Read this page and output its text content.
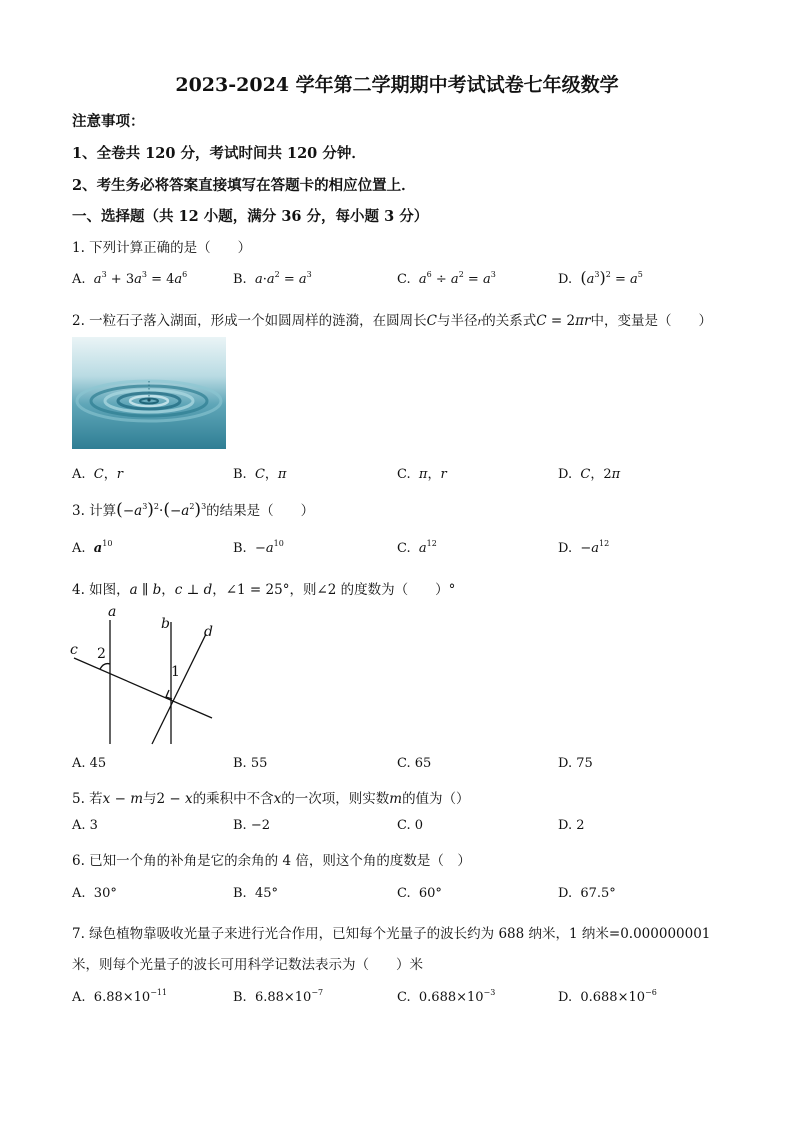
2023-2024 学年第二学期期中考试试卷七年级数学
注意事项：
1、全卷共 120 分，考试时间共 120 分钟．
2、考生务必将答案直接填写在答题卡的相应位置上．
一、选择题（共 12 小题，满分 36 分，每小题 3 分）
1. 下列计算正确的是（　　）
A. $a^3 + 3a^3 = 4a^6$	B. $a\cdot a^2 = a^3$	C. $a^6 \div a^2 = a^3$	D. $(a^3)^2 = a^5$
2. 一粒石子落入湖面，形成一个如圆周样的涟漪，在圆周长C与半径r的关系式C = 2πr中，变量是（　　）
A. C，r	B. C，π	C. π，r	D. C，2π
3. 计算$(-a^3)^2\cdot(-a^2)^3$的结果是（　　）
A. $a^{10}$	B.  $-a^{10}$	C. $a^{12}$	D.  $-a^{12}$
4. 如图，a ∥ b，c ⊥ d，∠1 = 25°，则∠2 的度数为（　　）°
a
b
c
d
1
2
A. 45	B. 55	C. 65	D. 75
5. 若x − m与2 − x的乘积中不含x的一次项，则实数m的值为（）
A. 3	B. −2	C. 0	D. 2
6. 已知一个角的补角是它的余角的 4 倍，则这个角的度数是（　）
A. 30°	B. 45°	C. 60°	D. 67.5°
7. 绿色植物靠吸收光量子来进行光合作用，已知每个光量子的波长约为 688 纳米，1 纳米=0.000000001
米，则每个光量子的波长可用科学记数法表示为（　　）米
A.  $6.88\times 10^{-11}$	B.  $6.88\times 10^{-7}$	C.  $0.688\times 10^{-3}$	D.  $0.688\times 10^{-6}$
